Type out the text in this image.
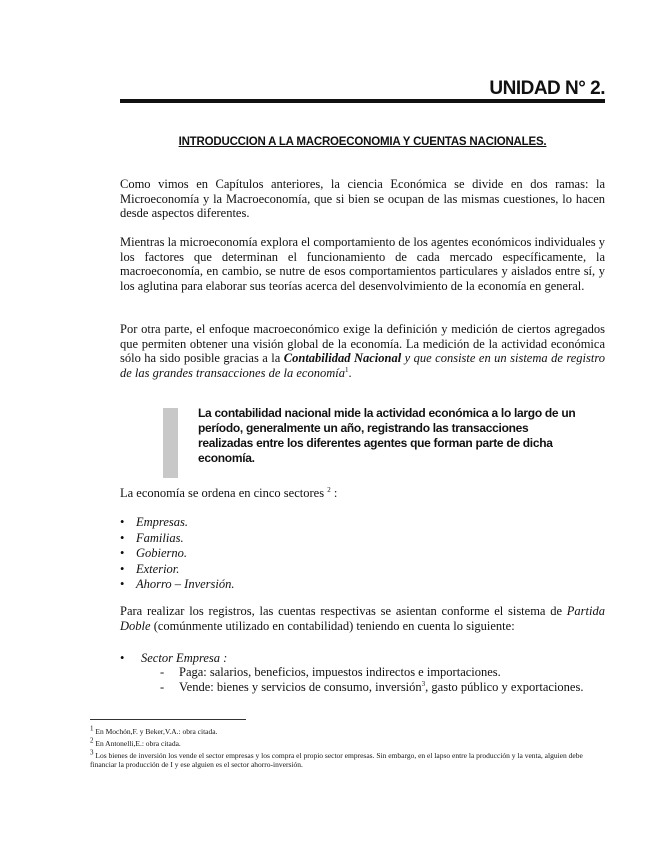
UNIDAD N° 2.
INTRODUCCION A LA MACROECONOMIA Y CUENTAS NACIONALES.
Como vimos en Capítulos anteriores, la ciencia Económica se divide en dos ramas: la Microeconomía y la Macroeconomía, que si bien se ocupan de las mismas cuestiones, lo hacen desde aspectos diferentes.
Mientras la microeconomía explora el comportamiento de los agentes económicos individuales y los factores que determinan el funcionamiento de cada mercado específicamente, la macroeconomía, en cambio, se nutre de esos comportamientos particulares y aislados entre sí, y los aglutina para elaborar sus teorías acerca del desenvolvimiento de la economía en general.
Por otra parte, el enfoque macroeconómico exige la definición y medición de ciertos agregados que permiten obtener una visión global de la economía. La medición de la actividad económica sólo ha sido posible gracias a la Contabilidad Nacional y que consiste en un sistema de registro de las grandes transacciones de la economía$^1$.
La contabilidad nacional mide la actividad económica a lo largo de un período, generalmente un año, registrando las transacciones realizadas entre los diferentes agentes que forman parte de dicha economía.
La economía se ordena en cinco sectores $^2$ :
• Empresas.
• Familias.
• Gobierno.
• Exterior.
• Ahorro – Inversión.
Para realizar los registros, las cuentas respectivas se asientan conforme el sistema de Partida Doble (comúnmente utilizado en contabilidad) teniendo en cuenta lo siguiente:
• Sector Empresa :
- Paga: salarios, beneficios, impuestos indirectos e importaciones.
- Vende: bienes y servicios de consumo, inversión$^3$, gasto público y exportaciones.
$^1$ En Mochón,F. y Beker,V.A.: obra citada.
$^2$ En Antonelli,E.: obra citada.
$^3$ Los bienes de inversión los vende el sector empresas y los compra el propio sector empresas. Sin embargo, en el lapso entre la producción y la venta, alguien debe financiar la producción de I y ese alguien es el sector ahorro-inversión.
